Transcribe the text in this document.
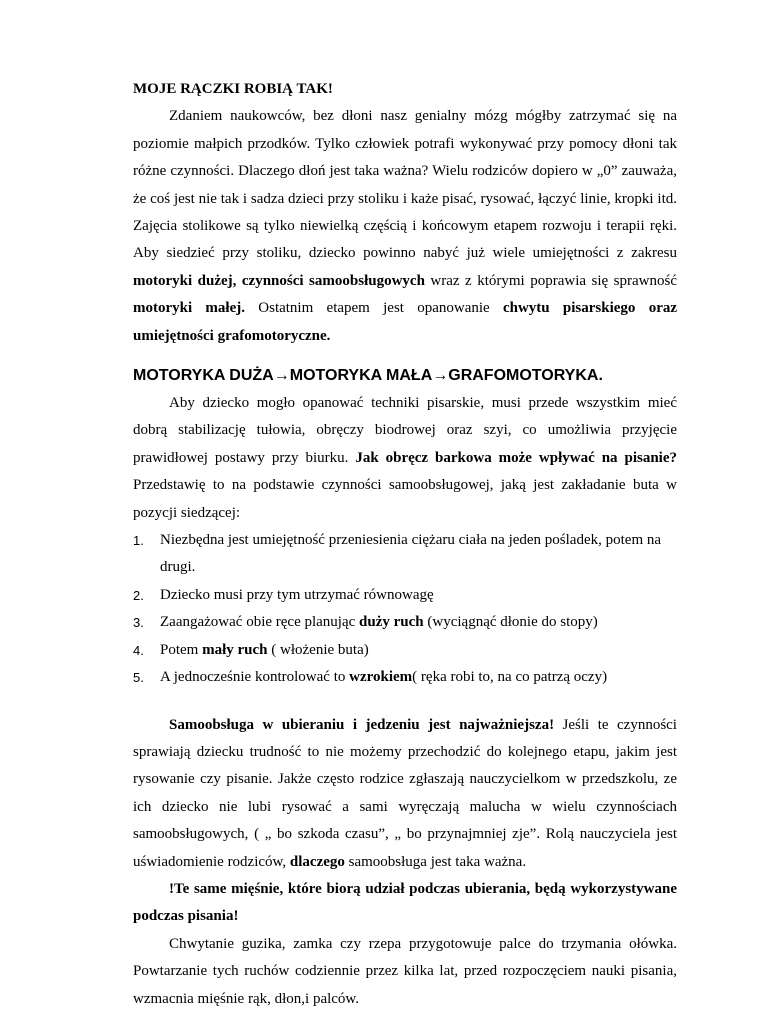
MOJE RĄCZKI ROBIĄ TAK!

Zdaniem naukowców, bez dłoni nasz genialny mózg mógłby zatrzymać się na poziomie małpich przodków. Tylko człowiek potrafi wykonywać przy pomocy dłoni tak różne czynności. Dlaczego dłoń jest taka ważna? Wielu rodziców dopiero w „0” zauważa, że coś jest nie tak i sadza dzieci przy stoliku i każe pisać, rysować, łączyć linie, kropki itd. Zajęcia stolikowe są tylko niewielką częścią i końcowym etapem rozwoju i terapii ręki. Aby siedzieć przy stoliku, dziecko powinno nabyć już wiele umiejętności z zakresu motoryki dużej, czynności samoobsługowych wraz z którymi poprawia się sprawność motoryki małej. Ostatnim etapem jest opanowanie chwytu pisarskiego oraz umiejętności grafomotoryczne.

MOTORYKA DUŻA→MOTORYKA MAŁA→GRAFOMOTORYKA.

Aby dziecko mogło opanować techniki pisarskie, musi przede wszystkim mieć dobrą stabilizację tułowia, obręczy biodrowej oraz szyi, co umożliwia przyjęcie prawidłowej postawy przy biurku. Jak obręcz barkowa może wpływać na pisanie? Przedstawię to na podstawie czynności samoobsługowej, jaką jest zakładanie buta w pozycji siedzącej:

1. Niezbędna jest umiejętność przeniesienia ciężaru ciała na jeden pośladek, potem na drugi.
2. Dziecko musi przy tym utrzymać równowagę
3. Zaangażować obie ręce planując duży ruch (wyciągnąć dłonie do stopy)
4. Potem mały ruch ( włożenie buta)
5. A jednocześnie kontrolować to wzrokiem( ręka robi to, na co patrzą oczy)

Samoobsługa w ubieraniu i jedzeniu jest najważniejsza! Jeśli te czynności sprawiają dziecku trudność to nie możemy przechodzić do kolejnego etapu, jakim jest rysowanie czy pisanie. Jakże często rodzice zgłaszają nauczycielkom w przedszkolu, ze ich dziecko nie lubi rysować a sami wyręczają malucha w wielu czynnościach samoobsługowych, ( „ bo szkoda czasu”, „ bo przynajmniej zje”. Rolą nauczyciela jest uświadomienie rodziców, dlaczego samoobsługa jest taka ważna.

!Te same mięśnie, które biorą udział podczas ubierania, będą wykorzystywane podczas pisania!

Chwytanie guzika, zamka czy rzepa przygotowuje palce do trzymania ołówka. Powtarzanie tych ruchów codziennie przez kilka lat, przed rozpoczęciem nauki pisania, wzmacnia mięśnie rąk, dłon,i palców.
